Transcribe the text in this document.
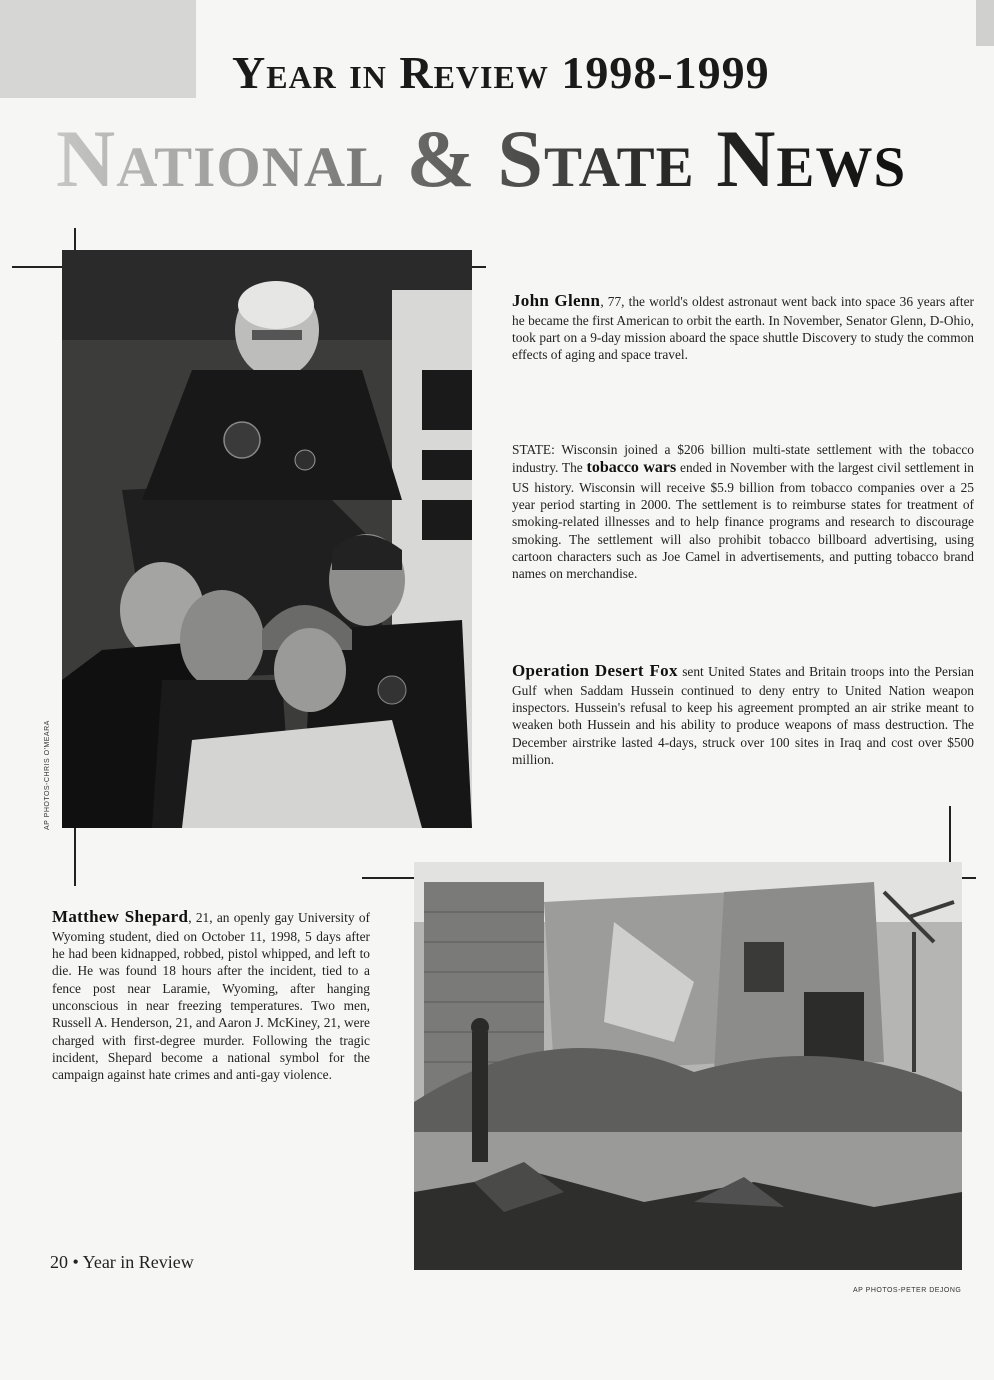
Year in Review 1998-1999
National & State News
AP PHOTOS-CHRIS O'MEARA

John Glenn, 77, the world's oldest astronaut went back into space 36 years after he became the first American to orbit the earth. In November, Senator Glenn, D-Ohio, took part on a 9-day mission aboard the space shuttle Discovery to study the common effects of aging and space travel.

STATE: Wisconsin joined a $206 billion multi-state settlement with the tobacco industry. The tobacco wars ended in November with the largest civil settlement in US history. Wisconsin will receive $5.9 billion from tobacco companies over a 25 year period starting in 2000. The settlement is to reimburse states for treatment of smoking-related illnesses and to help finance programs and research to discourage smoking. The settlement will also prohibit tobacco billboard advertising, using cartoon characters such as Joe Camel in advertisements, and putting tobacco brand names on merchandise.

Operation Desert Fox sent United States and Britain troops into the Persian Gulf when Saddam Hussein continued to deny entry to United Nation weapon inspectors. Hussein's refusal to keep his agreement prompted an air strike meant to weaken both Hussein and his ability to produce weapons of mass destruction. The December airstrike lasted 4-days, struck over 100 sites in Iraq and cost over $500 million.

AP PHOTOS-PETER DEJONG

Matthew Shepard, 21, an openly gay University of Wyoming student, died on October 11, 1998, 5 days after he had been kidnapped, robbed, pistol whipped, and left to die. He was found 18 hours after the incident, tied to a fence post near Laramie, Wyoming, after hanging unconscious in near freezing temperatures. Two men, Russell A. Henderson, 21, and Aaron J. McKiney, 21, were charged with first-degree murder. Following the tragic incident, Shepard become a national symbol for the campaign against hate crimes and anti-gay violence.

20 • Year in Review
